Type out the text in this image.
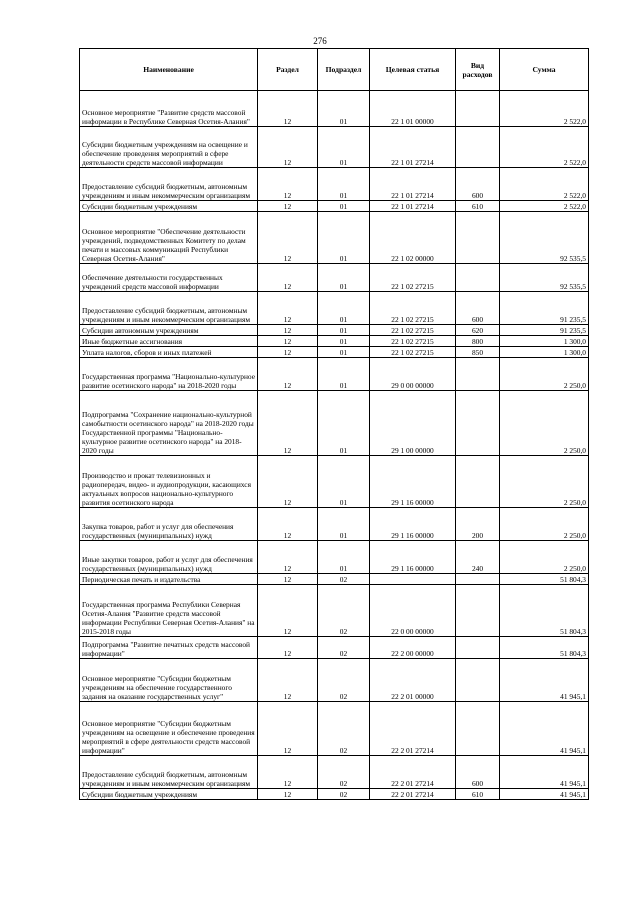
276
Наименование	Раздел	Подраздел	Целевая статья	Вид расходов	Сумма
Основное мероприятие "Развитие средств массовой информации в Республике Северная Осетия-Алания"	12	01	22 1 01 00000		2 522,0
Субсидии бюджетным учреждениям на освещение и обеспечение проведения мероприятий в сфере деятельности средств массовой информации	12	01	22 1 01 27214		2 522,0
Предоставление субсидий бюджетным, автономным учреждениям и иным некоммерческим организациям	12	01	22 1 01 27214	600	2 522,0
Субсидии бюджетным учреждениям	12	01	22 1 01 27214	610	2 522,0
Основное мероприятие "Обеспечение деятельности учреждений, подведомственных Комитету по делам печати и массовых коммуникаций Республики Северная Осетия-Алания"	12	01	22 1 02 00000		92 535,5
Обеспечение деятельности государственных учреждений средств массовой информации	12	01	22 1 02 27215		92 535,5
Предоставление субсидий бюджетным, автономным учреждениям и иным некоммерческим организациям	12	01	22 1 02 27215	600	91 235,5
Субсидии автономным учреждениям	12	01	22 1 02 27215	620	91 235,5
Иные бюджетные ассигнования	12	01	22 1 02 27215	800	1 300,0
Уплата налогов, сборов и иных платежей	12	01	22 1 02 27215	850	1 300,0
Государственная программа "Национально-культурное развитие осетинского народа" на 2018-2020 годы	12	01	29 0 00 00000		2 250,0
Подпрограмма "Сохранение национально-культурной самобытности осетинского народа" на 2018-2020 годы Государственной программы "Национально-культурное развитие осетинского народа" на 2018-2020 годы	12	01	29 1 00 00000		2 250,0
Производство и прокат телевизионных и радиопередач, видео- и аудиопродукции, касающихся актуальных вопросов национально-культурного развития осетинского народа	12	01	29 1 16 00000		2 250,0
Закупка товаров, работ и услуг для обеспечения государственных (муниципальных) нужд	12	01	29 1 16 00000	200	2 250,0
Иные закупки товаров, работ и услуг для обеспечения государственных (муниципальных) нужд	12	01	29 1 16 00000	240	2 250,0
Периодическая печать и издательства	12	02			51 804,3
Государственная программа Республики Северная Осетия-Алания "Развитие средств массовой информации Республики Северная Осетия-Алания" на 2015-2018 годы	12	02	22 0 00 00000		51 804,3
Подпрограмма "Развитие печатных средств массовой информации"	12	02	22 2 00 00000		51 804,3
Основное мероприятие "Субсидии бюджетным учреждениям на обеспечение государственного задания на оказание государственных услуг"	12	02	22 2 01 00000		41 945,1
Основное мероприятие "Субсидии бюджетным учреждениям на освещение и обеспечение проведения мероприятий в сфере деятельности средств массовой информации"	12	02	22 2 01 27214		41 945,1
Предоставление субсидий бюджетным, автономным учреждениям и иным некоммерческим организациям	12	02	22 2 01 27214	600	41 945,1
Субсидии бюджетным учреждениям	12	02	22 2 01 27214	610	41 945,1
